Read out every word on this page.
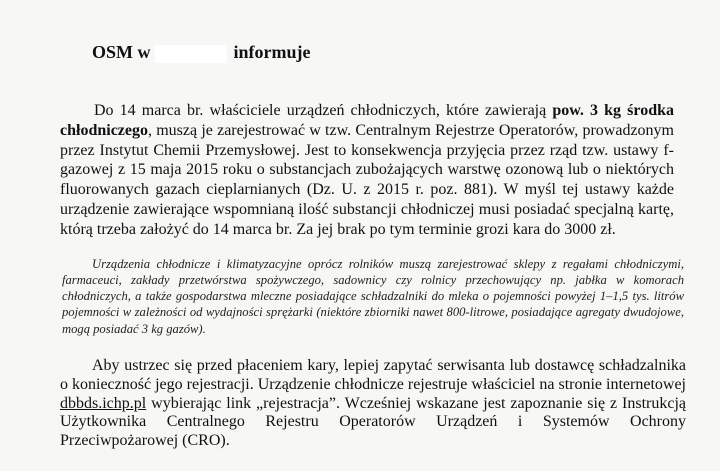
OSM w	informuje

Do 14 marca br. właściciele urządzeń chłodniczych, które zawierają pow. 3 kg środka chłodniczego, muszą je zarejestrować w tzw. Centralnym Rejestrze Operatorów, prowadzonym przez Instytut Chemii Przemysłowej. Jest to konsekwencja przyjęcia przez rząd tzw. ustawy f-gazowej z 15 maja 2015 roku o substancjach zubożających warstwę ozonową lub o niektórych fluorowanych gazach cieplarnianych (Dz. U. z 2015 r. poz. 881). W myśl tej ustawy każde urządzenie zawierające wspomnianą ilość substancji chłodniczej musi posiadać specjalną kartę, którą trzeba założyć do 14 marca br. Za jej brak po tym terminie grozi kara do 3000 zł.

Urządzenia chłodnicze i klimatyzacyjne oprócz rolników muszą zarejestrować sklepy z regałami chłodniczymi, farmaceuci, zakłady przetwórstwa spożywczego, sadownicy czy rolnicy przechowujący np. jabłka w komorach chłodniczych, a także gospodarstwa mleczne posiadające schładzalniki do mleka o pojemności powyżej 1–1,5 tys. litrów pojemności w zależności od wydajności sprężarki (niektóre zbiorniki nawet 800-litrowe, posiadające agregaty dwudojowe, mogą posiadać 3 kg gazów).

Aby ustrzec się przed płaceniem kary, lepiej zapytać serwisanta lub dostawcę schładzalnika o konieczność jego rejestracji. Urządzenie chłodnicze rejestruje właściciel na stronie internetowej dbbds.ichp.pl wybierając link „rejestracja”. Wcześniej wskazane jest zapoznanie się z Instrukcją Użytkownika Centralnego Rejestru Operatorów Urządzeń i Systemów Ochrony Przeciwpożarowej (CRO).
